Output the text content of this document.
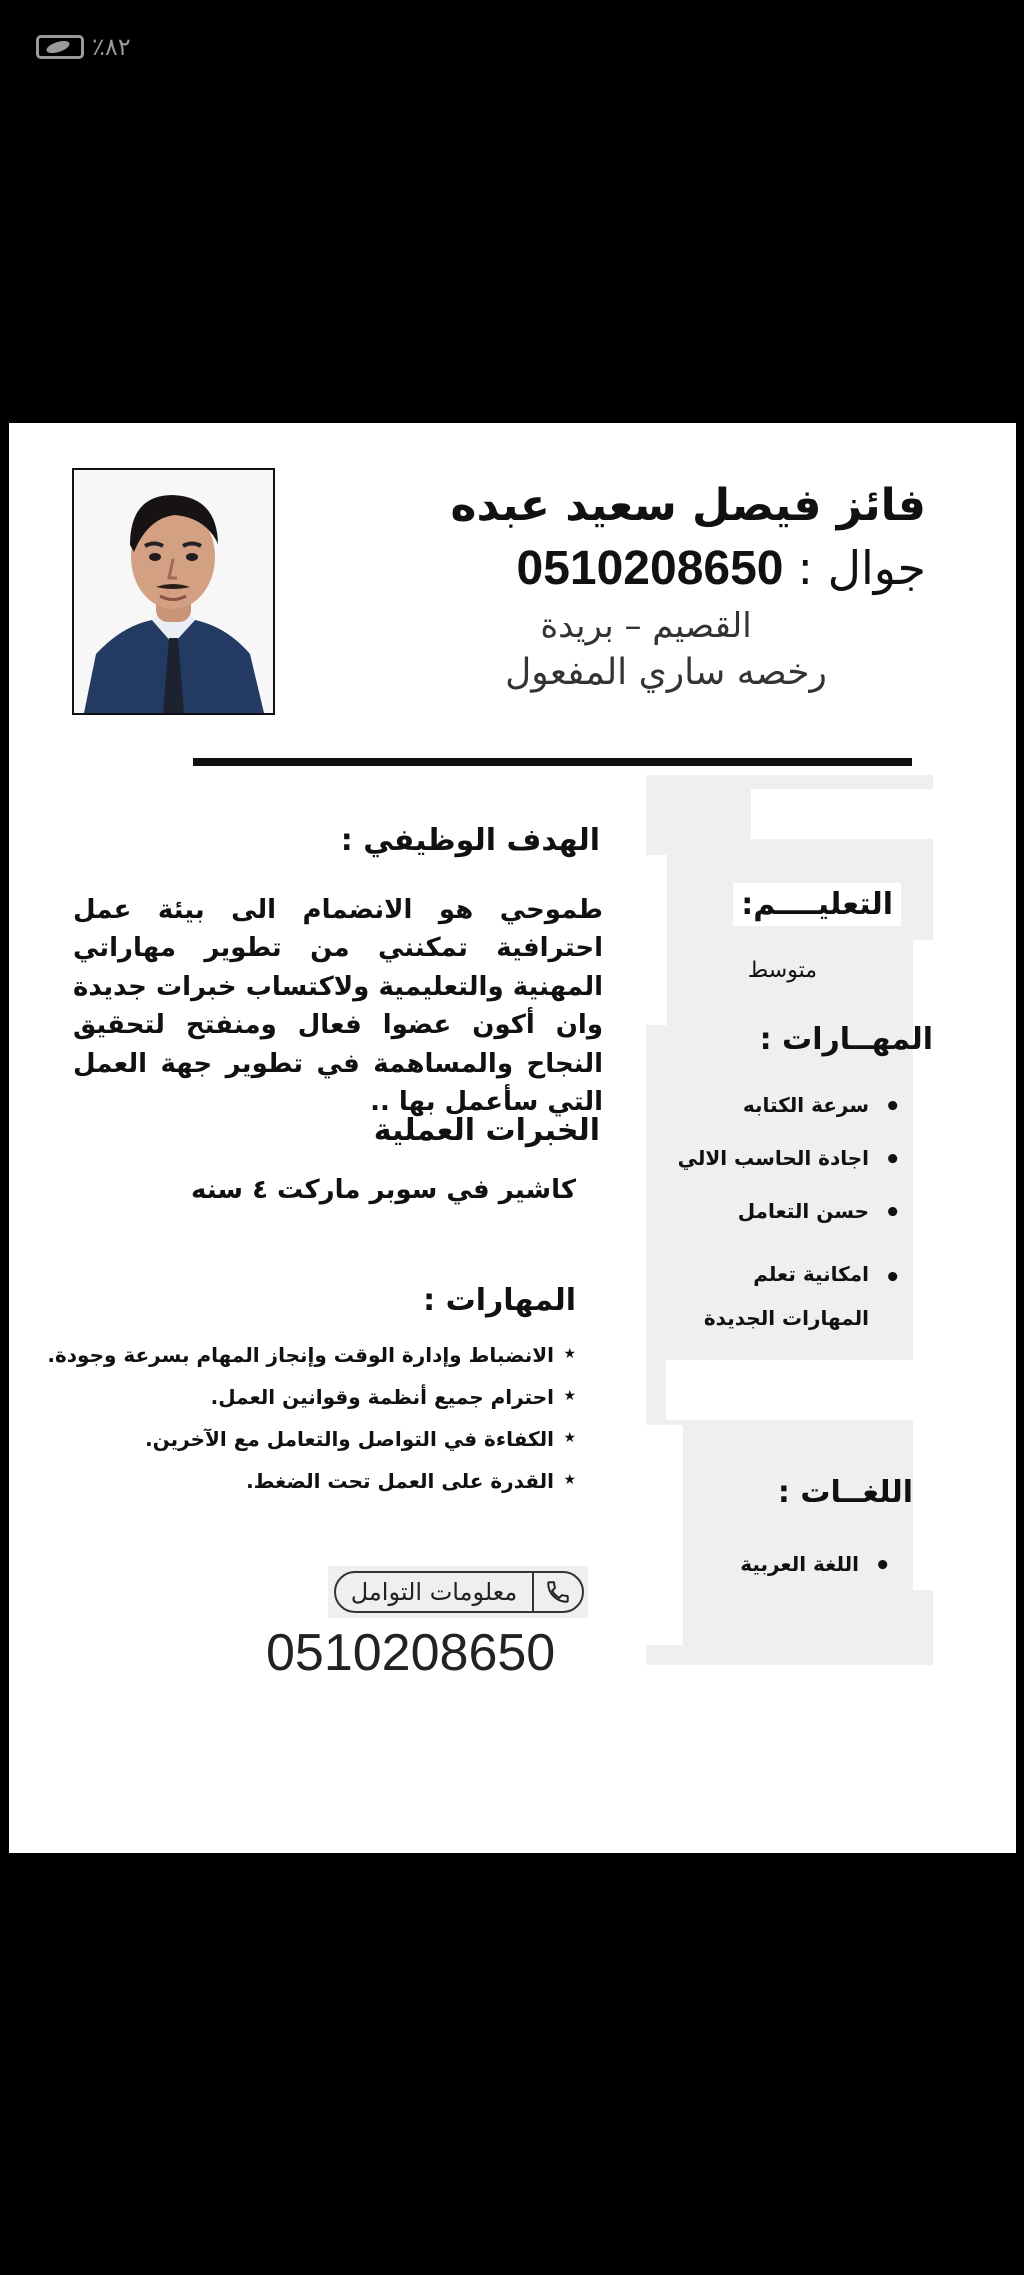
٪٨٢
فائز فيصل سعيد عبده
جوال :
0510208650
القصيم – بريدة
رخصه ساري المفعول
التعليــــم:
متوسط
المهــارات :
• سرعة الكتابه
• اجادة الحاسب الالي
• حسن التعامل
• امكانية تعلم المهارات الجديدة
اللغــات :
• اللغة العربية
الهدف الوظيفي :
طموحي هو الانضمام الى بيئة عمل احترافية تمكنني من تطوير مهاراتي المهنية والتعليمية ولاكتساب خبرات جديدة وان أكون عضوا فعال ومنفتح لتحقيق النجاح والمساهمة في تطوير جهة العمل التي سأعمل بها ..
الخبرات العملية
كاشير في سوبر ماركت ٤ سنه
المهارات :
★ الانضباط وإدارة الوقت وإنجاز المهام بسرعة وجودة.
★ احترام جميع أنظمة وقوانين العمل.
★ الكفاءة في التواصل والتعامل مع الآخرين.
★ القدرة على العمل تحت الضغط.
معلومات التوامل
0510208650
